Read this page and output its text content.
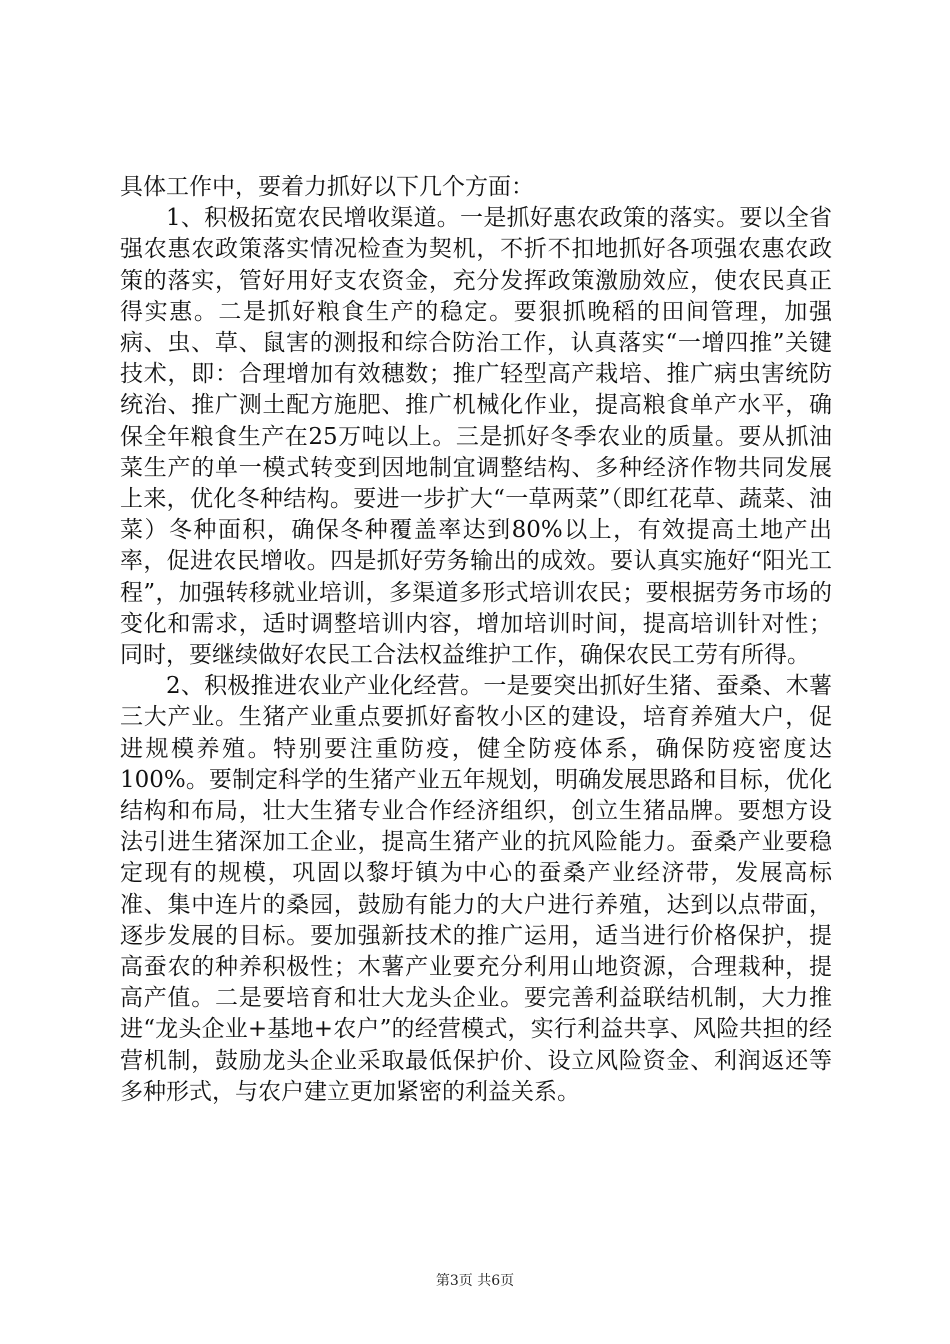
具体工作中，要着力抓好以下几个方面：

1、积极拓宽农民增收渠道。一是抓好惠农政策的落实。要以全省强农惠农政策落实情况检查为契机，不折不扣地抓好各项强农惠农政策的落实，管好用好支农资金，充分发挥政策激励效应，使农民真正得实惠。二是抓好粮食生产的稳定。要狠抓晚稻的田间管理，加强病、虫、草、鼠害的测报和综合防治工作，认真落实“一增四推”关键技术，即：合理增加有效穗数；推广轻型高产栽培、推广病虫害统防统治、推广测土配方施肥、推广机械化作业，提高粮食单产水平，确保全年粮食生产在25万吨以上。三是抓好冬季农业的质量。要从抓油菜生产的单一模式转变到因地制宜调整结构、多种经济作物共同发展上来，优化冬种结构。要进一步扩大“一草两菜”（即红花草、蔬菜、油菜）冬种面积，确保冬种覆盖率达到80%以上，有效提高土地产出率，促进农民增收。四是抓好劳务输出的成效。要认真实施好“阳光工程”，加强转移就业培训，多渠道多形式培训农民；要根据劳务市场的变化和需求，适时调整培训内容，增加培训时间，提高培训针对性；同时，要继续做好农民工合法权益维护工作，确保农民工劳有所得。

2、积极推进农业产业化经营。一是要突出抓好生猪、蚕桑、木薯三大产业。生猪产业重点要抓好畜牧小区的建设，培育养殖大户，促进规模养殖。特别要注重防疫，健全防疫体系，确保防疫密度达100%。要制定科学的生猪产业五年规划，明确发展思路和目标，优化结构和布局，壮大生猪专业合作经济组织，创立生猪品牌。要想方设法引进生猪深加工企业，提高生猪产业的抗风险能力。蚕桑产业要稳定现有的规模，巩固以黎圩镇为中心的蚕桑产业经济带，发展高标准、集中连片的桑园，鼓励有能力的大户进行养殖，达到以点带面，逐步发展的目标。要加强新技术的推广运用，适当进行价格保护，提高蚕农的种养积极性；木薯产业要充分利用山地资源，合理栽种，提高产值。二是要培育和壮大龙头企业。要完善利益联结机制，大力推进“龙头企业+基地+农户”的经营模式，实行利益共享、风险共担的经营机制，鼓励龙头企业采取最低保护价、设立风险资金、利润返还等多种形式，与农户建立更加紧密的利益关系。

第3页 共6页
